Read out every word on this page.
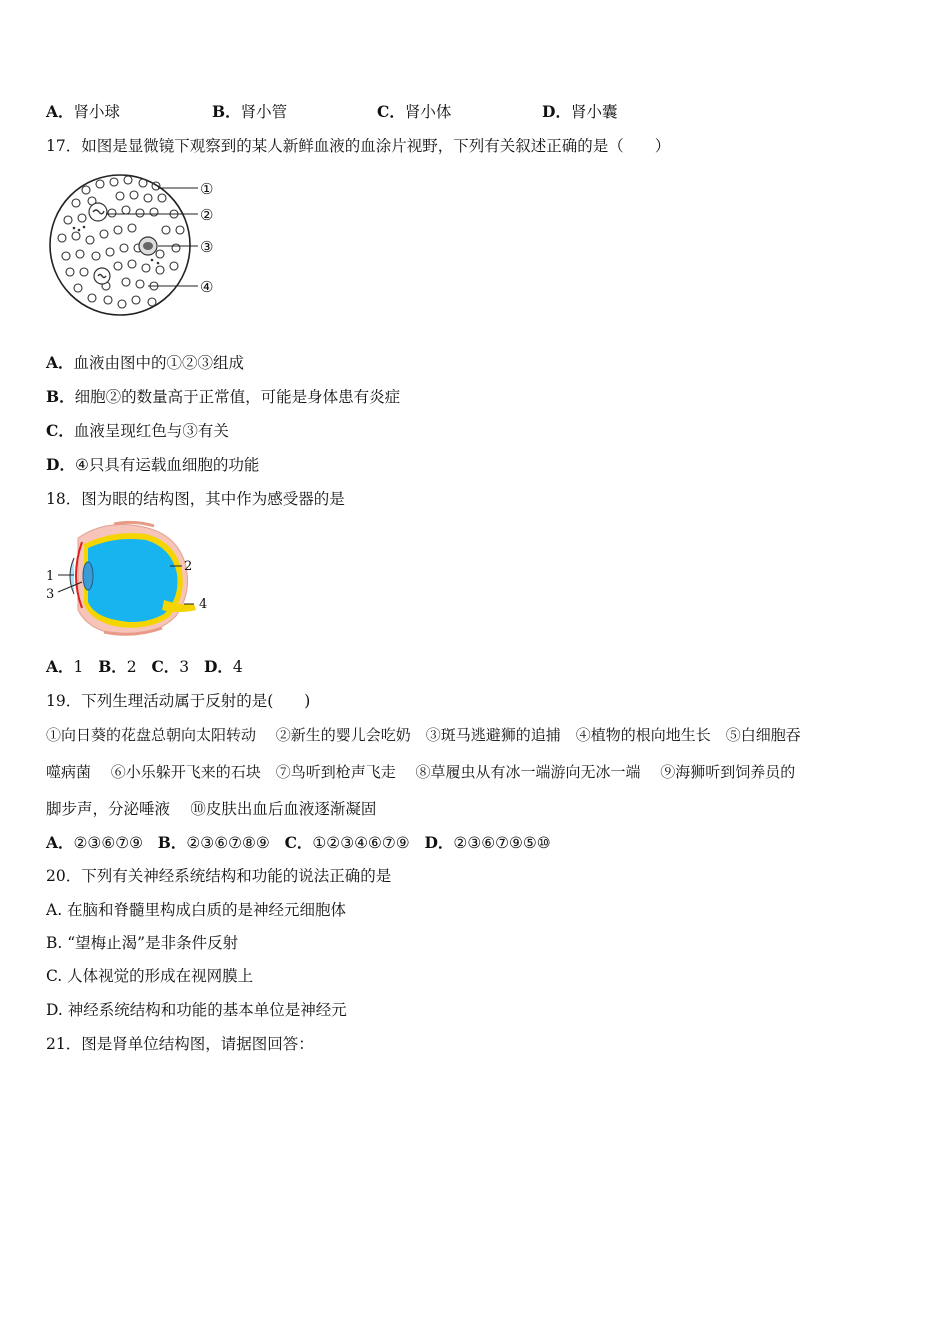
A．肾小球	B．肾小管	C．肾小体	D．肾小囊
17．如图是显微镜下观察到的某人新鲜血液的血涂片视野，下列有关叙述正确的是（　　）
①
②
③
④
A．血液由图中的①②③组成
B．细胞②的数量高于正常值，可能是身体患有炎症
C．血液呈现红色与③有关
D．④只具有运载血细胞的功能
18．图为眼的结构图，其中作为感受器的是
1
2
3
4
A．1 B．2 C．3 D．4
19．下列生理活动属于反射的是(　　)
①向日葵的花盘总朝向太阳转动　 ②新生的婴儿会吃奶　③斑马逃避狮的追捕　④植物的根向地生长　⑤白细胞吞
噬病菌　 ⑥小乐躲开飞来的石块　⑦鸟听到枪声飞走　 ⑧草履虫从有冰一端游向无冰一端　 ⑨海狮听到饲养员的
脚步声，分泌唾液　 ⑩皮肤出血后血液逐渐凝固
A．②③⑥⑦⑨ B．②③⑥⑦⑧⑨ C．①②③④⑥⑦⑨ D．②③⑥⑦⑨⑤⑩
20．下列有关神经系统结构和功能的说法正确的是
A. 在脑和脊髓里构成白质的是神经元细胞体
B. “望梅止渴”是非条件反射
C. 人体视觉的形成在视网膜上
D. 神经系统结构和功能的基本单位是神经元
21．图是肾单位结构图，请据图回答：
